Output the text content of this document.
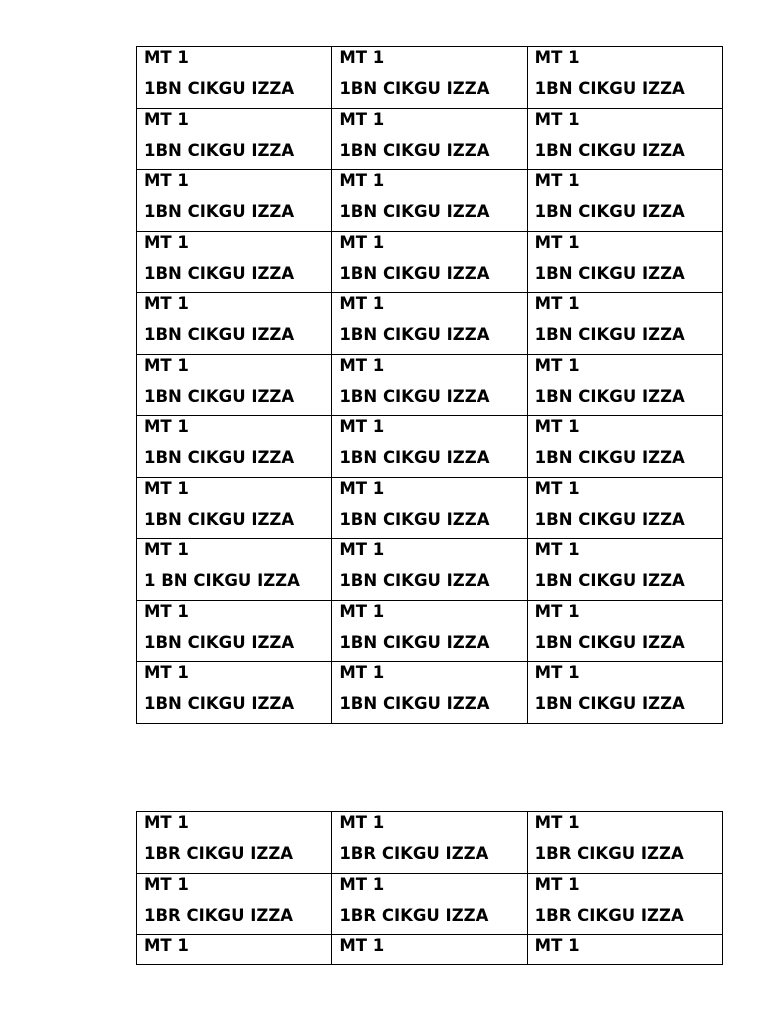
MT 1
1BN CIKGU IZZA	MT 1
1BN CIKGU IZZA	MT 1
1BN CIKGU IZZA

MT 1
1BN CIKGU IZZA	MT 1
1BN CIKGU IZZA	MT 1
1BN CIKGU IZZA

MT 1
1BN CIKGU IZZA	MT 1
1BN CIKGU IZZA	MT 1
1BN CIKGU IZZA

MT 1
1BN CIKGU IZZA	MT 1
1BN CIKGU IZZA	MT 1
1BN CIKGU IZZA

MT 1
1BN CIKGU IZZA	MT 1
1BN CIKGU IZZA	MT 1
1BN CIKGU IZZA

MT 1
1BN CIKGU IZZA	MT 1
1BN CIKGU IZZA	MT 1
1BN CIKGU IZZA

MT 1
1BN CIKGU IZZA	MT 1
1BN CIKGU IZZA	MT 1
1BN CIKGU IZZA

MT 1
1BN CIKGU IZZA	MT 1
1BN CIKGU IZZA	MT 1
1BN CIKGU IZZA

MT 1
1 BN CIKGU IZZA	MT 1
1BN CIKGU IZZA	MT 1
1BN CIKGU IZZA

MT 1
1BN CIKGU IZZA	MT 1
1BN CIKGU IZZA	MT 1
1BN CIKGU IZZA

MT 1
1BN CIKGU IZZA	MT 1
1BN CIKGU IZZA	MT 1
1BN CIKGU IZZA
MT 1
1BR CIKGU IZZA	MT 1
1BR CIKGU IZZA	MT 1
1BR CIKGU IZZA

MT 1
1BR CIKGU IZZA	MT 1
1BR CIKGU IZZA	MT 1
1BR CIKGU IZZA

MT 1	MT 1	MT 1
